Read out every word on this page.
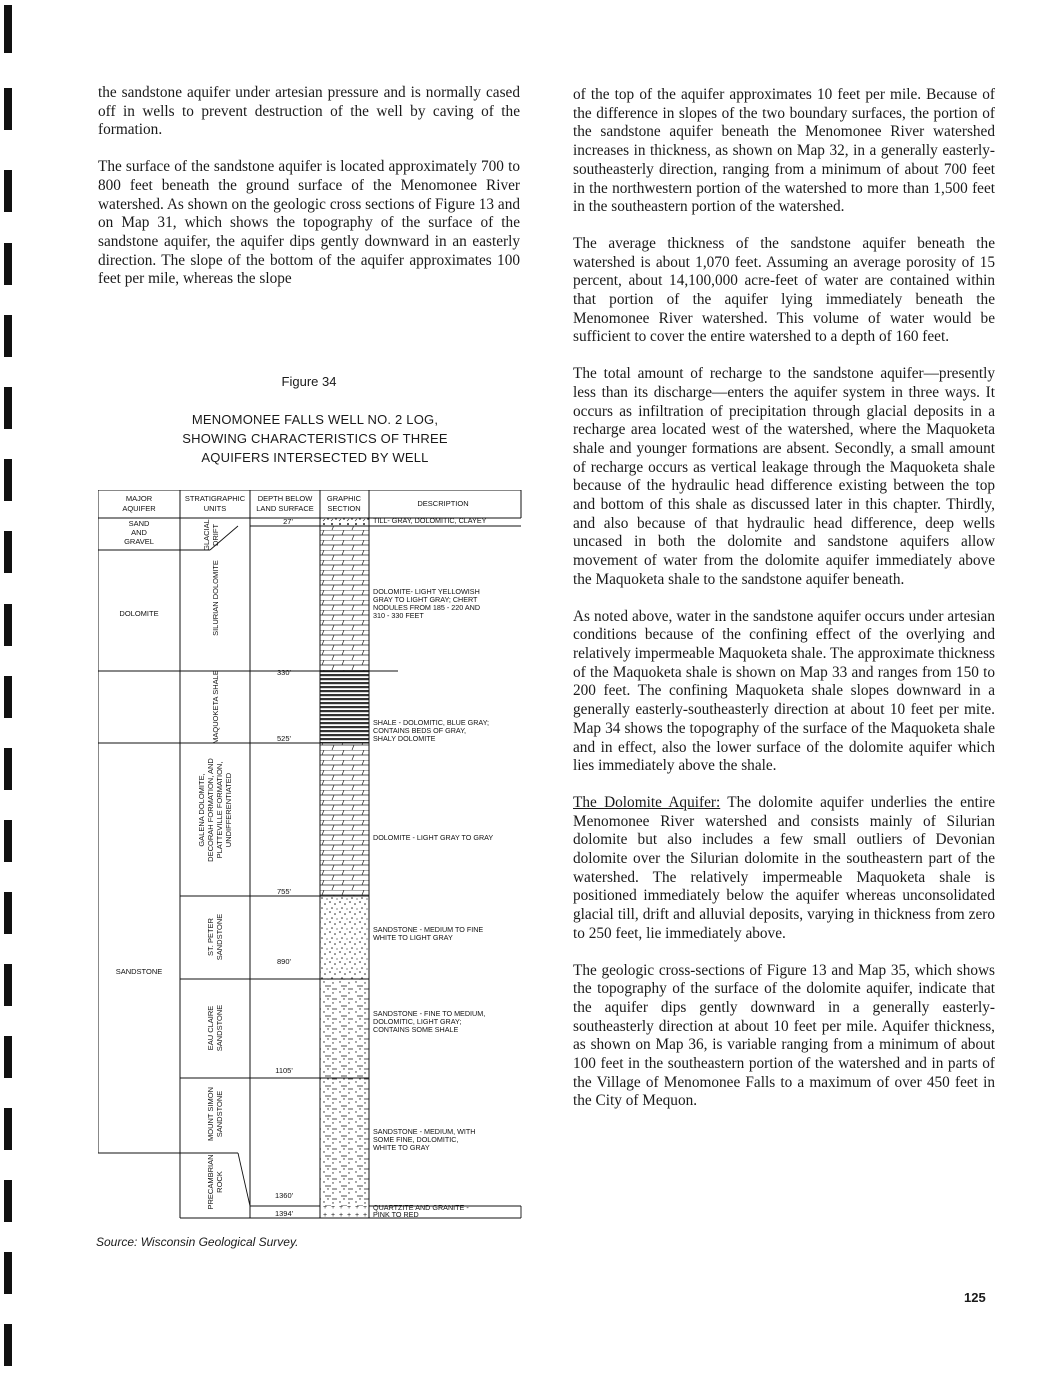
the sandstone aquifer under artesian pressure and is normally cased off in wells to prevent destruction of the well by caving of the formation.

The surface of the sandstone aquifer is located approximately 700 to 800 feet beneath the ground surface of the Menomonee River watershed. As shown on the geologic cross sections of Figure 13 and on Map 31, which shows the topography of the surface of the sandstone aquifer, the aquifer dips gently downward in an easterly direction. The slope of the bottom of the aquifer approximates 100 feet per mile, whereas the slope

Figure 34
MENOMONEE FALLS WELL NO. 2 LOG,
SHOWING CHARACTERISTICS OF THREE
AQUIFERS INTERSECTED BY WELL
MAJOR
AQUIFER
STRATIGRAPHIC
UNITS
DEPTH BELOW
LAND SURFACE
GRAPHIC
SECTION
DESCRIPTION
SAND
AND
GRAVEL
DOLOMITE
SANDSTONE
GLACIAL DRIFT
SILURIAN DOLOMITE
MAQUOKETA SHALE
GALENA DOLOMITE, DECORAH FORMATION, AND PLATTEVILLE FORMATION, UNDIFFERENTIATED
ST. PETER SANDSTONE
EAU CLAIRE SANDSTONE
MOUNT SIMON SANDSTONE
PRECAMBRIAN ROCK
27'
330'
525'
755'
890'
1105'
1360'
1394'
TILL- GRAY, DOLOMITIC, CLAYEY
DOLOMITE- LIGHT YELLOWISH
GRAY TO LIGHT GRAY; CHERT
NODULES FROM 185 - 220 AND
310 - 330 FEET
SHALE - DOLOMITIC, BLUE GRAY;
CONTAINS BEDS OF GRAY,
SHALY DOLOMITE
DOLOMITE - LIGHT GRAY TO GRAY
SANDSTONE - MEDIUM TO FINE
WHITE TO LIGHT GRAY
SANDSTONE - FINE TO MEDIUM,
DOLOMITIC, LIGHT GRAY;
CONTAINS SOME SHALE
SANDSTONE - MEDIUM, WITH
SOME FINE, DOLOMITIC,
WHITE TO GRAY
QUARTZITE AND GRANITE -
PINK TO RED
Source: Wisconsin Geological Survey.

of the top of the aquifer approximates 10 feet per mile. Because of the difference in slopes of the two boundary surfaces, the portion of the sandstone aquifer beneath the Menomonee River watershed increases in thickness, as shown on Map 32, in a generally easterly-southeasterly direction, ranging from a minimum of about 700 feet in the northwestern portion of the watershed to more than 1,500 feet in the southeastern portion of the watershed.

The average thickness of the sandstone aquifer beneath the watershed is about 1,070 feet. Assuming an average porosity of 15 percent, about 14,100,000 acre-feet of water are contained within that portion of the aquifer lying immediately beneath the Menomonee River watershed. This volume of water would be sufficient to cover the entire watershed to a depth of 160 feet.

The total amount of recharge to the sandstone aquifer—presently less than its discharge—enters the aquifer system in three ways. It occurs as infiltration of precipitation through glacial deposits in a recharge area located west of the watershed, where the Maquoketa shale and younger formations are absent. Secondly, a small amount of recharge occurs as vertical leakage through the Maquoketa shale because of the hydraulic head difference existing between the top and bottom of this shale as discussed later in this chapter. Thirdly, and also because of that hydraulic head difference, deep wells uncased in both the dolomite and sandstone aquifers allow movement of water from the dolomite aquifer immediately above the Maquoketa shale to the sandstone aquifer beneath.

As noted above, water in the sandstone aquifer occurs under artesian conditions because of the confining effect of the overlying and relatively impermeable Maquoketa shale. The approximate thickness of the Maquoketa shale is shown on Map 33 and ranges from 150 to 200 feet. The confining Maquoketa shale slopes downward in a generally easterly-southeasterly direction at about 10 feet per mite. Map 34 shows the topography of the surface of the Maquoketa shale and in effect, also the lower surface of the dolomite aquifer which lies immediately above the shale.

The Dolomite Aquifer: The dolomite aquifer underlies the entire Menomonee River watershed and consists mainly of Silurian dolomite but also includes a few small outliers of Devonian dolomite over the Silurian dolomite in the southeastern part of the watershed. The relatively impermeable Maquoketa shale is positioned immediately below the aquifer whereas unconsolidated glacial till, drift and alluvial deposits, varying in thickness from zero to 250 feet, lie immediately above.

The geologic cross-sections of Figure 13 and Map 35, which shows the topography of the surface of the dolomite aquifer, indicate that the aquifer dips gently downward in a generally easterly-southeasterly direction at about 10 feet per mile. Aquifer thickness, as shown on Map 36, is variable ranging from a minimum of about 100 feet in the southeastern portion of the watershed and in parts of the Village of Menomonee Falls to a maximum of over 450 feet in the City of Mequon.

125
